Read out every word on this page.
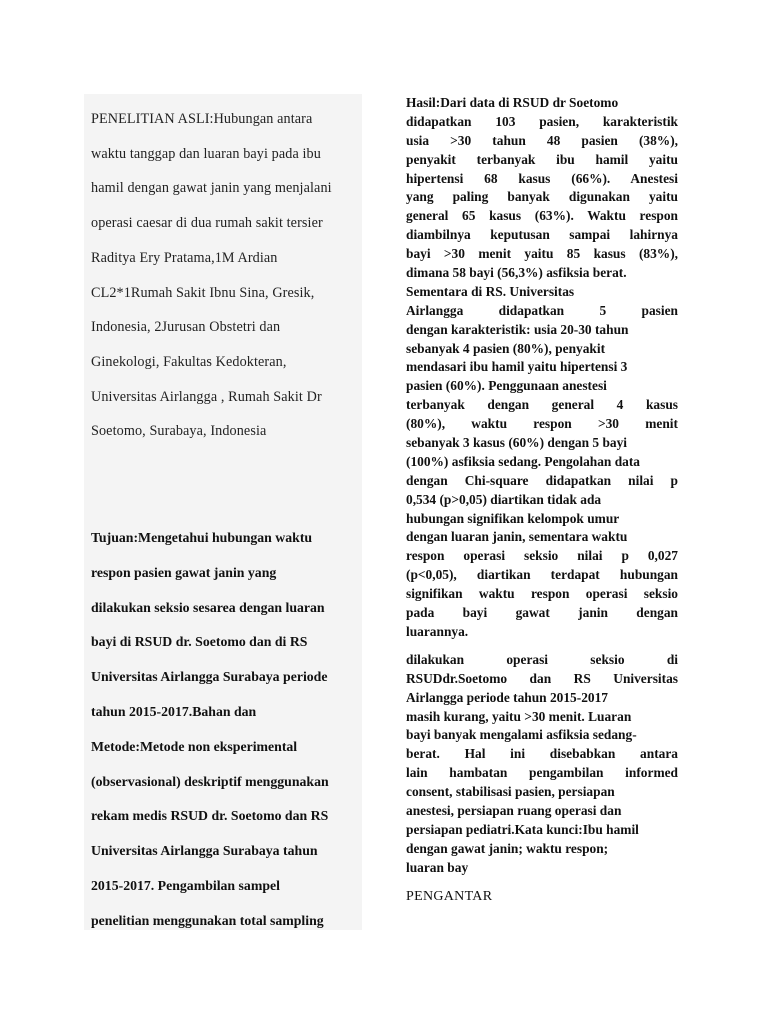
PENELITIAN ASLI:Hubungan antara
waktu tanggap dan luaran bayi pada ibu
hamil dengan gawat janin yang menjalani
operasi caesar di dua rumah sakit tersier
Raditya Ery Pratama,1M Ardian
CL2*1Rumah Sakit Ibnu Sina, Gresik,
Indonesia, 2Jurusan Obstetri dan
Ginekologi, Fakultas Kedokteran,
Universitas Airlangga , Rumah Sakit Dr
Soetomo, Surabaya, Indonesia
Tujuan:Mengetahui hubungan waktu
respon pasien gawat janin yang
dilakukan seksio sesarea dengan luaran
bayi di RSUD dr. Soetomo dan di RS
Universitas Airlangga Surabaya periode
tahun 2015-2017.Bahan dan
Metode:Metode non eksperimental
(observasional) deskriptif menggunakan
rekam medis RSUD dr. Soetomo dan RS
Universitas Airlangga Surabaya tahun
2015-2017. Pengambilan sampel
penelitian menggunakan total sampling
Hasil:Dari data di RSUD dr Soetomo
didapatkan 103 pasien, karakteristik
usia >30 tahun 48 pasien (38%),
penyakit terbanyak ibu hamil yaitu
hipertensi 68 kasus (66%). Anestesi
yang paling banyak digunakan yaitu
general 65 kasus (63%). Waktu respon
diambilnya keputusan sampai lahirnya
bayi >30 menit yaitu 85 kasus (83%),
dimana 58 bayi (56,3%) asfiksia berat.
Sementara di RS. Universitas
Airlangga didapatkan 5 pasien
dengan karakteristik: usia 20-30 tahun
sebanyak 4 pasien (80%), penyakit
mendasari ibu hamil yaitu hipertensi 3
pasien (60%). Penggunaan anestesi
terbanyak dengan general 4 kasus
(80%), waktu respon >30 menit
sebanyak 3 kasus (60%) dengan 5 bayi
(100%) asfiksia sedang. Pengolahan data
dengan Chi-square didapatkan nilai p
0,534 (p>0,05) diartikan tidak ada
hubungan signifikan kelompok umur
dengan luaran janin, sementara waktu
respon operasi seksio nilai p 0,027
(p<0,05), diartikan terdapat hubungan
signifikan waktu respon operasi seksio
pada bayi gawat janin dengan
luarannya.
dilakukan operasi seksio di
RSUDdr.Soetomo dan RS Universitas
Airlangga periode tahun 2015-2017
masih kurang, yaitu >30 menit. Luaran
bayi banyak mengalami asfiksia sedang-
berat. Hal ini disebabkan antara
lain hambatan pengambilan informed
consent, stabilisasi pasien, persiapan
anestesi, persiapan ruang operasi dan
persiapan pediatri.Kata kunci:Ibu hamil
dengan gawat janin; waktu respon;
luaran bay
PENGANTAR
